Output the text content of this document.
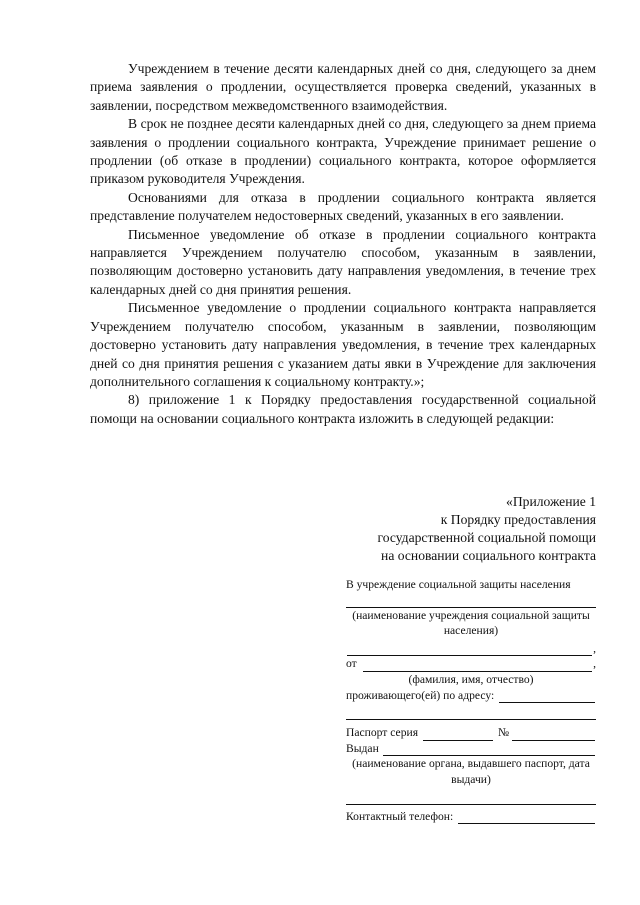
Учреждением в течение десяти календарных дней со дня, следующего за днем приема заявления о продлении, осуществляется проверка сведений, указанных в заявлении, посредством межведомственного взаимодействия.

В срок не позднее десяти календарных дней со дня, следующего за днем приема заявления о продлении социального контракта, Учреждение принимает решение о продлении (об отказе в продлении) социального контракта, которое оформляется приказом руководителя Учреждения.

Основаниями для отказа в продлении социального контракта является представление получателем недостоверных сведений, указанных в его заявлении.

Письменное уведомление об отказе в продлении социального контракта направляется Учреждением получателю способом, указанным в заявлении, позволяющим достоверно установить дату направления уведомления, в течение трех календарных дней со дня принятия решения.

Письменное уведомление о продлении социального контракта направляется Учреждением получателю способом, указанным в заявлении, позволяющим достоверно установить дату направления уведомления, в течение трех календарных дней со дня принятия решения с указанием даты явки в Учреждение для заключения дополнительного соглашения к социальному контракту.»;

8) приложение 1 к Порядку предоставления государственной социальной помощи на основании социального контракта изложить в следующей редакции:

«Приложение 1
к Порядку предоставления
государственной социальной помощи
на основании социального контракта
В учреждение социальной защиты населения
(наименование учреждения социальной защиты населения)
,
от	,
(фамилия, имя, отчество)
проживающего(ей) по адресу:
Паспорт серия	№
Выдан
(наименование органа, выдавшего паспорт, дата выдачи)
Контактный телефон:
